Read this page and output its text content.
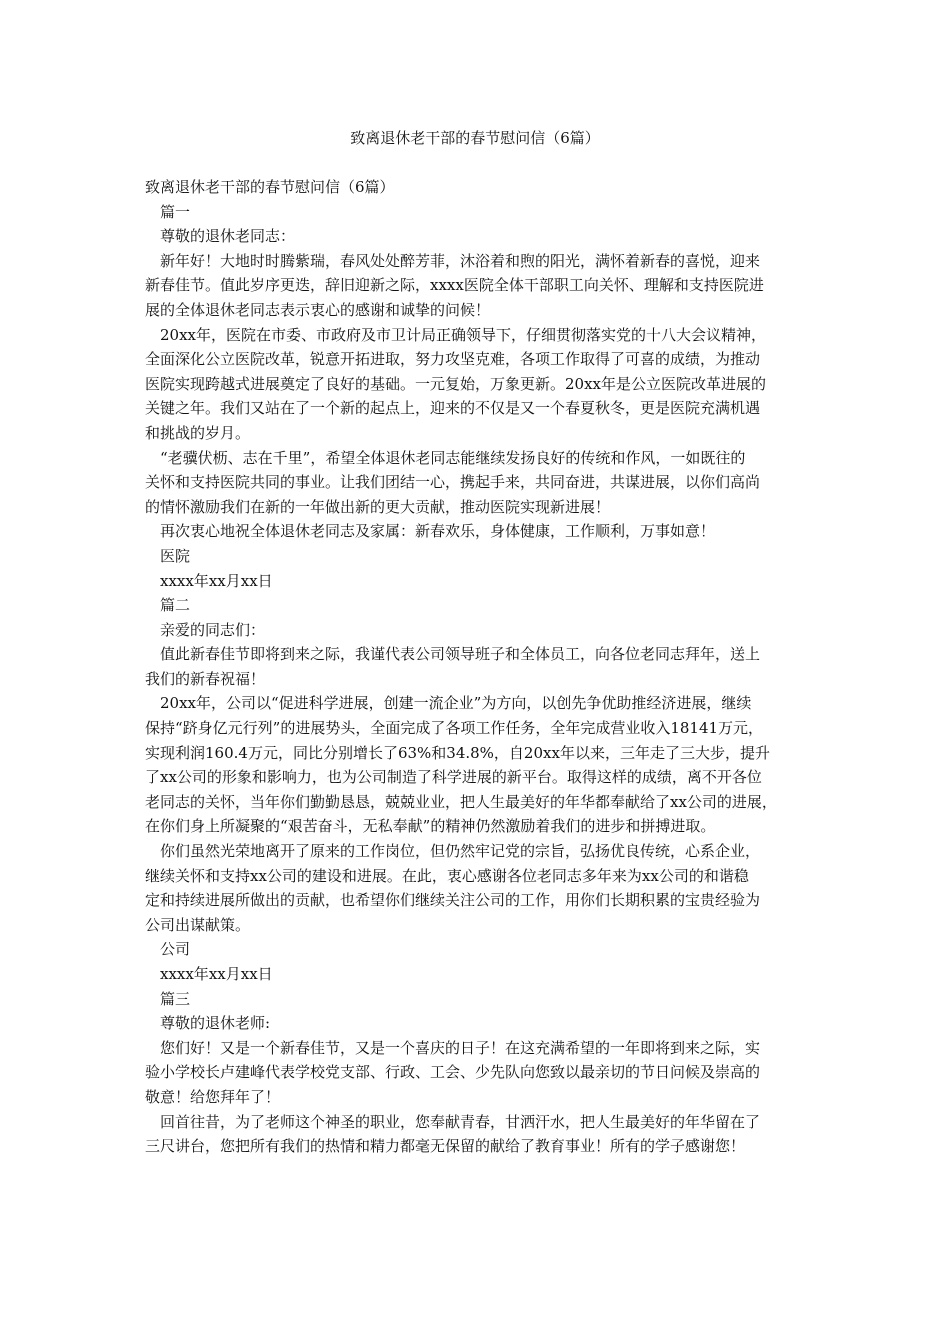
致离退休老干部的春节慰问信（6篇）
致离退休老干部的春节慰问信（6篇）
篇一
尊敬的退休老同志：
新年好！大地时时腾紫瑞，春风处处醉芳菲，沐浴着和煦的阳光，满怀着新春的喜悦，迎来
新春佳节。值此岁序更迭，辞旧迎新之际，xxxx医院全体干部职工向关怀、理解和支持医院进
展的全体退休老同志表示衷心的感谢和诚挚的问候！
20xx年，医院在市委、市政府及市卫计局正确领导下，仔细贯彻落实党的十八大会议精神，
全面深化公立医院改革，锐意开拓进取，努力攻坚克难，各项工作取得了可喜的成绩，为推动
医院实现跨越式进展奠定了良好的基础。一元复始，万象更新。20xx年是公立医院改革进展的
关键之年。我们又站在了一个新的起点上，迎来的不仅是又一个春夏秋冬，更是医院充满机遇
和挑战的岁月。
“老骥伏枥、志在千里”，希望全体退休老同志能继续发扬良好的传统和作风，一如既往的
关怀和支持医院共同的事业。让我们团结一心，携起手来，共同奋进，共谋进展，以你们高尚
的情怀激励我们在新的一年做出新的更大贡献，推动医院实现新进展！
再次衷心地祝全体退休老同志及家属：新春欢乐，身体健康，工作顺利，万事如意！
医院
xxxx年xx月xx日
篇二
亲爱的同志们：
值此新春佳节即将到来之际，我谨代表公司领导班子和全体员工，向各位老同志拜年，送上
我们的新春祝福！
20xx年，公司以“促进科学进展，创建一流企业”为方向，以创先争优助推经济进展，继续
保持“跻身亿元行列”的进展势头，全面完成了各项工作任务，全年完成营业收入18141万元，
实现利润160.4万元，同比分别增长了63%和34.8%，自20xx年以来，三年走了三大步，提升
了xx公司的形象和影响力，也为公司制造了科学进展的新平台。取得这样的成绩，离不开各位
老同志的关怀，当年你们勤勤恳恳，兢兢业业，把人生最美好的年华都奉献给了xx公司的进展，
在你们身上所凝聚的“艰苦奋斗，无私奉献”的精神仍然激励着我们的进步和拼搏进取。
你们虽然光荣地离开了原来的工作岗位，但仍然牢记党的宗旨，弘扬优良传统，心系企业，
继续关怀和支持xx公司的建设和进展。在此，衷心感谢各位老同志多年来为xx公司的和谐稳
定和持续进展所做出的贡献，也希望你们继续关注公司的工作，用你们长期积累的宝贵经验为
公司出谋献策。
公司
xxxx年xx月xx日
篇三
尊敬的退休老师:
您们好！又是一个新春佳节，又是一个喜庆的日子！在这充满希望的一年即将到来之际，实
验小学校长卢建峰代表学校党支部、行政、工会、少先队向您致以最亲切的节日问候及崇高的
敬意！给您拜年了！
回首往昔，为了老师这个神圣的职业，您奉献青春，甘洒汗水，把人生最美好的年华留在了
三尺讲台，您把所有我们的热情和精力都毫无保留的献给了教育事业！所有的学子感谢您！
